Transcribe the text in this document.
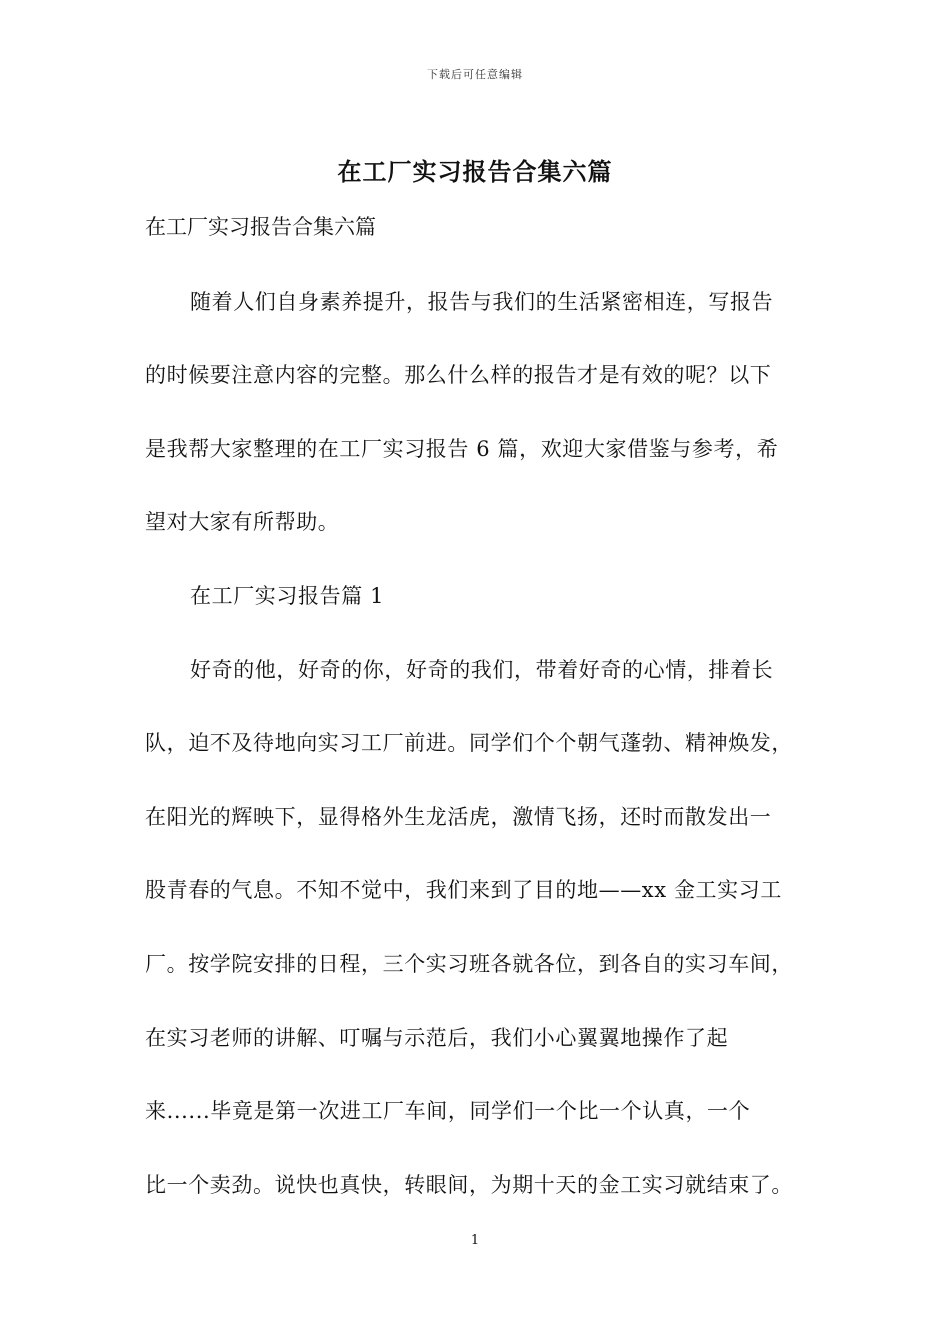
下载后可任意编辑
在工厂实习报告合集六篇
在工厂实习报告合集六篇
随着人们自身素养提升，报告与我们的生活紧密相连，写报告
的时候要注意内容的完整。那么什么样的报告才是有效的呢？以下
是我帮大家整理的在工厂实习报告 6 篇，欢迎大家借鉴与参考，希
望对大家有所帮助。
在工厂实习报告篇 1
好奇的他，好奇的你，好奇的我们，带着好奇的心情，排着长
队，迫不及待地向实习工厂前进。同学们个个朝气蓬勃、精神焕发，
在阳光的辉映下，显得格外生龙活虎，激情飞扬，还时而散发出一
股青春的气息。不知不觉中，我们来到了目的地——xx 金工实习工
厂。按学院安排的日程，三个实习班各就各位，到各自的实习车间，
在实习老师的讲解、叮嘱与示范后，我们小心翼翼地操作了起
来......毕竟是第一次进工厂车间，同学们一个比一个认真，一个
比一个卖劲。说快也真快，转眼间，为期十天的金工实习就结束了。
1
